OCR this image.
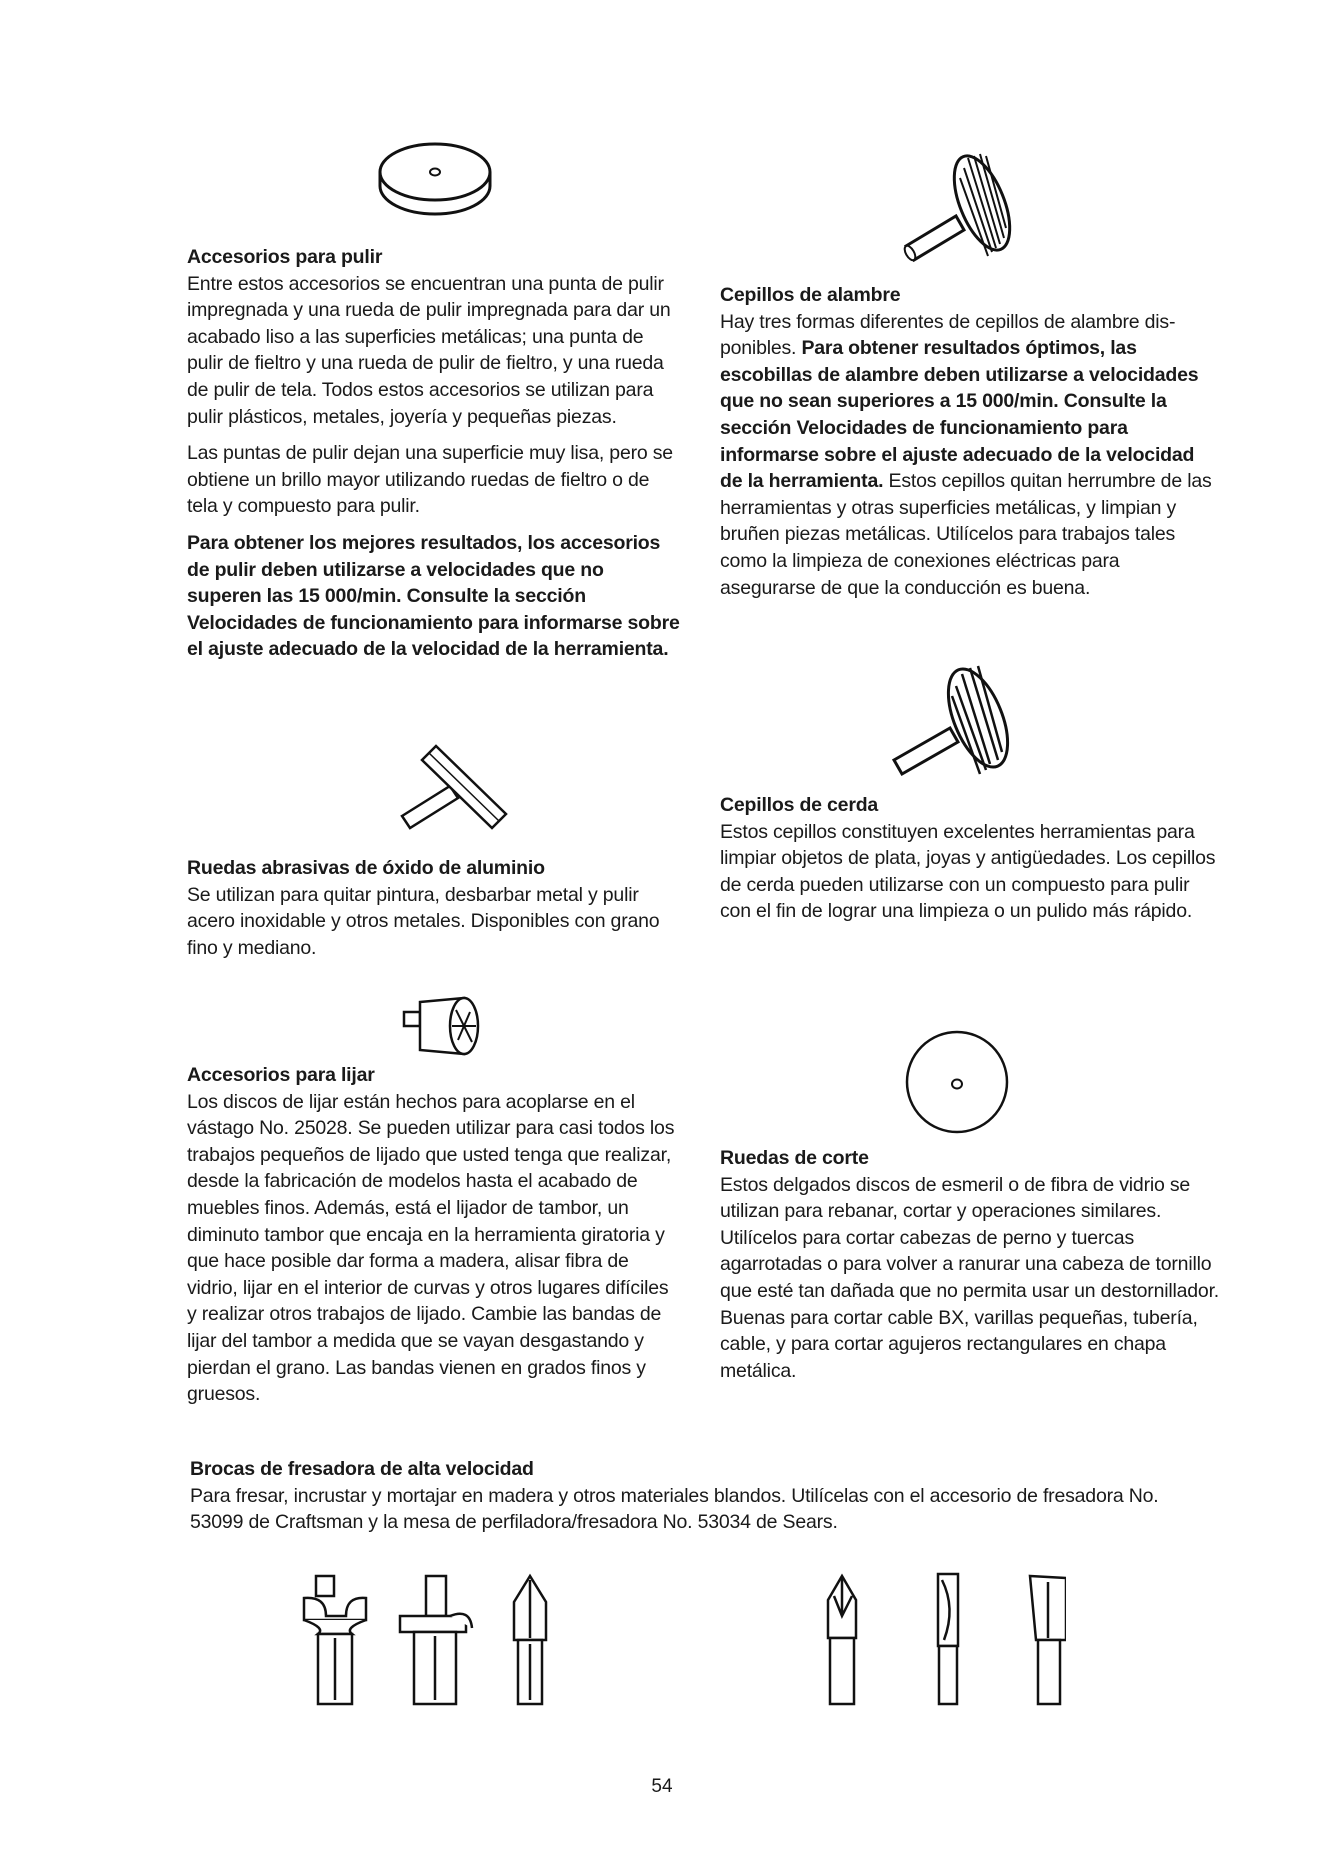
Accesorios para pulir

Entre estos accesorios se encuentran una punta de pulir impregnada y una rueda de pulir impregnada para dar un acabado liso a las superficies metálicas; una punta de pulir de fieltro y una rueda de pulir de fieltro, y una rueda de pulir de tela. Todos estos accesorios se utilizan para pulir plásticos, metales, joyería y pequeñas piezas.

Las puntas de pulir dejan una superficie muy lisa, pero se obtiene un brillo mayor utilizando ruedas de fieltro o de tela y compuesto para pulir.

Para obtener los mejores resultados, los accesorios de pulir deben utilizarse a velocidades que no superen las 15 000/min. Consulte la sección Velocidades de funcionamiento para informarse sobre el ajuste adecuado de la velocidad de la herramienta.

Ruedas abrasivas de óxido de aluminio

Se utilizan para quitar pintura, desbarbar metal y pulir acero inoxidable y otros metales. Disponibles con grano fino y mediano.

Accesorios para lijar

Los discos de lijar están hechos para acoplarse en el vástago No. 25028. Se pueden utilizar para casi todos los trabajos pequeños de lijado que usted tenga que realizar, desde la fabricación de modelos hasta el acabado de muebles finos. Además, está el lijador de tambor, un diminuto tambor que encaja en la herramienta giratoria y que hace posible dar forma a madera, alisar fibra de vidrio, lijar en el interior de curvas y otros lugares difíciles y realizar otros trabajos de lijado. Cambie las bandas de lijar del tambor a medida que se vayan desgastando y pierdan el grano. Las bandas vienen en grados finos y gruesos.

Cepillos de alambre

Hay tres formas diferentes de cepillos de alambre dis- ponibles. Para obtener resultados óptimos, las escobillas de alambre deben utilizarse a velocidades que no sean superiores a 15 000/min. Consulte la sección Velocidades de funcionamiento para informarse sobre el ajuste adecuado de la velocidad de la herramienta. Estos cepillos quitan herrumbre de las herramientas y otras superficies metálicas, y limpian y bruñen piezas metálicas. Utilícelos para trabajos tales como la limpieza de conexiones eléctricas para asegurarse de que la conducción es buena.

Cepillos de cerda

Estos cepillos constituyen excelentes herramientas para limpiar objetos de plata, joyas y antigüedades. Los cepillos de cerda pueden utilizarse con un compuesto para pulir con el fin de lograr una limpieza o un pulido más rápido.

Ruedas de corte

Estos delgados discos de esmeril o de fibra de vidrio se utilizan para rebanar, cortar y operaciones similares. Utilícelos para cortar cabezas de perno y tuercas agarrotadas o para volver a ranurar una cabeza de tornillo que esté tan dañada que no permita usar un destornillador. Buenas para cortar cable BX, varillas pequeñas, tubería, cable, y para cortar agujeros rectangulares en chapa metálica.

Brocas de fresadora de alta velocidad

Para fresar, incrustar y mortajar en madera y otros materiales blandos. Utilícelas con el accesorio de fresadora No. 53099 de Craftsman y la mesa de perfiladora/fresadora No. 53034 de Sears.

54
